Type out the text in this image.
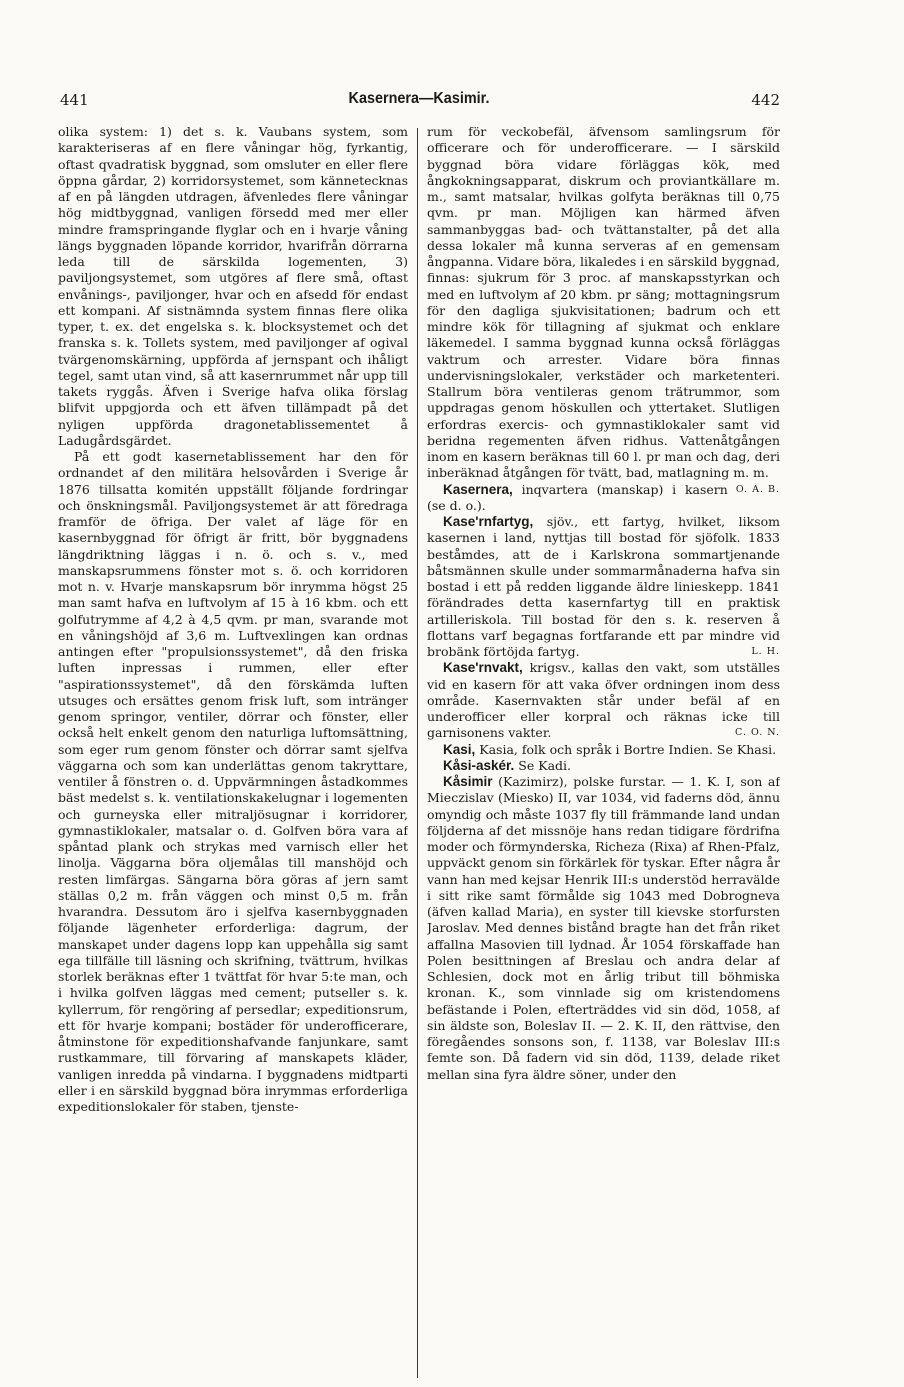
441	Kasernera—Kasimir.	442

olika system: 1) det s. k. Vaubans system, som karakteriseras af en flere våningar hög, fyrkantig, oftast qvadratisk byggnad, som omsluter en eller flere öppna gårdar, 2) korridorsystemet, som kännetecknas af en på längden utdragen, äfvenledes flere våningar hög midtbyggnad, vanligen försedd med mer eller mindre framspringande flyglar och en i hvarje våning längs byggnaden löpande korridor, hvarifrån dörrarna leda till de särskilda logementen, 3) paviljongsystemet, som utgöres af flere små, oftast envånings-, paviljonger, hvar och en afsedd för endast ett kompani. Af sistnämnda system finnas flere olika typer, t. ex. det engelska s. k. blocksystemet och det franska s. k. Tollets system, med paviljonger af ogival tvärgenomskärning, uppförda af jernspant och ihåligt tegel, samt utan vind, så att kasernrummet når upp till takets ryggås. Äfven i Sverige hafva olika förslag blifvit uppgjorda och ett äfven tillämpadt på det nyligen uppförda dragonetablissementet å Ladugårdsgärdet.

På ett godt kasernetablissement har den för ordnandet af den militära helsovården i Sverige år 1876 tillsatta komitén uppställt följande fordringar och önskningsmål. Paviljongsystemet är att föredraga framför de öfriga. Der valet af läge för en kasernbyggnad för öfrigt är fritt, bör byggnadens längdriktning läggas i n. ö. och s. v., med manskapsrummens fönster mot s. ö. och korridoren mot n. v. Hvarje manskapsrum bör inrymma högst 25 man samt hafva en luftvolym af 15 à 16 kbm. och ett golfutrymme af 4,2 à 4,5 qvm. pr man, svarande mot en våningshöjd af 3,6 m. Luftvexlingen kan ordnas antingen efter "propulsionssystemet", då den friska luften inpressas i rummen, eller efter "aspirationssystemet", då den förskämda luften utsuges och ersättes genom frisk luft, som intränger genom springor, ventiler, dörrar och fönster, eller också helt enkelt genom den naturliga luftomsättning, som eger rum genom fönster och dörrar samt sjelfva väggarna och som kan underlättas genom takryttare, ventiler å fönstren o. d. Uppvärmningen åstadkommes bäst medelst s. k. ventilationskakelugnar i logementen och gurneyska eller mitraljösugnar i korridorer, gymnastiklokaler, matsalar o. d. Golfven böra vara af spåntad plank och strykas med varnisch eller het linolja. Väggarna böra oljemålas till manshöjd och resten limfärgas. Sängarna böra göras af jern samt ställas 0,2 m. från väggen och minst 0,5 m. från hvarandra. Dessutom äro i sjelfva kasernbyggnaden följande lägenheter erforderliga: dagrum, der manskapet under dagens lopp kan uppehålla sig samt ega tillfälle till läsning och skrifning, tvättrum, hvilkas storlek beräknas efter 1 tvättfat för hvar 5:te man, och i hvilka golfven läggas med cement; putseller s. k. kyllerrum, för rengöring af persedlar; expeditionsrum, ett för hvarje kompani; bostäder för underofficerare, åtminstone för expeditionshafvande fanjunkare, samt rustkammare, till förvaring af manskapets kläder, vanligen inredda på vindarna. I byggnadens midtparti eller i en särskild byggnad böra inrymmas erforderliga expeditionslokaler för staben, tjenste-

rum för veckobefäl, äfvensom samlingsrum för officerare och för underofficerare. — I särskild byggnad böra vidare förläggas kök, med ångkokningsapparat, diskrum och proviantkällare m. m., samt matsalar, hvilkas golfyta beräknas till 0,75 qvm. pr man. Möjligen kan härmed äfven sammanbyggas bad- och tvättanstalter, på det alla dessa lokaler må kunna serveras af en gemensam ångpanna. Vidare böra, likaledes i en särskild byggnad, finnas: sjukrum för 3 proc. af manskapsstyrkan och med en luftvolym af 20 kbm. pr säng; mottagningsrum för den dagliga sjukvisitationen; badrum och ett mindre kök för tillagning af sjukmat och enklare läkemedel. I samma byggnad kunna också förläggas vaktrum och arrester. Vidare böra finnas undervisningslokaler, verkstäder och marketenteri. Stallrum böra ventileras genom trätrummor, som uppdragas genom höskullen och yttertaket. Slutligen erfordras exercis- och gymnastiklokaler samt vid beridna regementen äfven ridhus. Vattenåtgången inom en kasern beräknas till 60 l. pr man och dag, deri inberäknad åtgången för tvätt, bad, matlagning m. m.
O. A. B.

Kasernera, inqvartera (manskap) i kasern (se d. o.).

Kase'rnfartyg, sjöv., ett fartyg, hvilket, liksom kasernen i land, nyttjas till bostad för sjöfolk. 1833 beståmdes, att de i Karlskrona sommartjenande båtsmännen skulle under sommarmånaderna hafva sin bostad i ett på redden liggande äldre linieskepp. 1841 förändrades detta kasernfartyg till en praktisk artilleriskola. Till bostad för den s. k. reserven å flottans varf begagnas fortfarande ett par mindre vid brobänk förtöjda fartyg.	L. H.

Kase'rnvakt, krigsv., kallas den vakt, som utställes vid en kasern för att vaka öfver ordningen inom dess område. Kasernvakten står under befäl af en underofficer eller korpral och räknas icke till garnisonens vakter.	C. O. N.

Kasi, Kasia, folk och språk i Bortre Indien. Se Khasi.

Kåsi-askér. Se Kadi.

Kåsimir (Kazimirz), polske furstar. — 1. K. I, son af Mieczislav (Miesko) II, var 1034, vid faderns död, ännu omyndig och måste 1037 fly till främmande land undan följderna af det missnöje hans redan tidigare fördrifna moder och förmynderska, Richeza (Rixa) af Rhen-Pfalz, uppväckt genom sin förkärlek för tyskar. Efter några år vann han med kejsar Henrik III:s understöd herravälde i sitt rike samt förmålde sig 1043 med Dobrogneva (äfven kallad Maria), en syster till kievske storfursten Jaroslav. Med dennes bistånd bragte han det från riket affallna Masovien till lydnad. År 1054 förskaffade han Polen besittningen af Breslau och andra delar af Schlesien, dock mot en årlig tribut till böhmiska kronan. K., som vinnlade sig om kristendomens befästande i Polen, efterträddes vid sin död, 1058, af sin äldste son, Boleslav II. — 2. K. II, den rättvise, den föregåendes sonsons son, f. 1138, var Boleslav III:s femte son. Då fadern vid sin död, 1139, delade riket mellan sina fyra äldre söner, under den
